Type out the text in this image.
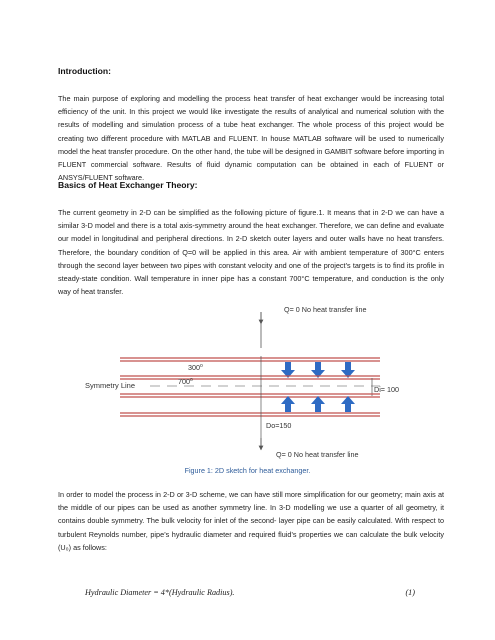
Introduction:

The main purpose of exploring and modelling the process heat transfer of heat exchanger would be increasing total efficiency of the unit. In this project we would like investigate the results of analytical and numerical solution with the results of modelling and simulation process of a tube heat exchanger. The whole process of this project would be creating two different procedure with MATLAB and FLUENT. In house MATLAB software will be used to numerically model the heat transfer procedure. On the other hand, the tube will be designed in GAMBIT software before importing in FLUENT commercial software. Results of fluid dynamic computation can be obtained in each of FLUENT or ANSYS/FLUENT software.

Basics of Heat Exchanger Theory:

The current geometry in 2-D can be simplified as the following picture of figure.1. It means that in 2-D we can have a similar 3-D model and there is a total axis-symmetry around the heat exchanger. Therefore, we can define and evaluate our model in longitudinal and peripheral directions. In 2-D sketch outer layers and outer walls have no heat transfers. Therefore, the boundary condition of Q=0 will be applied in this area. Air with ambient temperature of 300°C enters through the second layer between two pipes with constant velocity and one of the project’s targets is to find its profile in steady-state condition. Wall temperature in inner pipe has a constant 700°C temperature, and conduction is the only way of heat transfer.

Q= 0 No heat transfer line
300$^o$
Symmetry Line	700$^o$
Di= 100
Do=150
Q= 0 No heat transfer line

Figure 1: 2D sketch for heat exchanger.

In order to model the process in 2-D or 3-D scheme, we can have still more simplification for our geometry; main axis at the middle of our pipes can be used as another symmetry line. In 3-D modelling we use a quarter of all geometry, it contains double symmetry. The bulk velocity for inlet of the second- layer pipe can be easily calculated. With respect to turbulent Reynolds number, pipe’s hydraulic diameter and required fluid’s properties we can calculate the bulk velocity (U₀) as follows:

Hydraulic Diameter = 4*(Hydraulic Radius).	(1)
